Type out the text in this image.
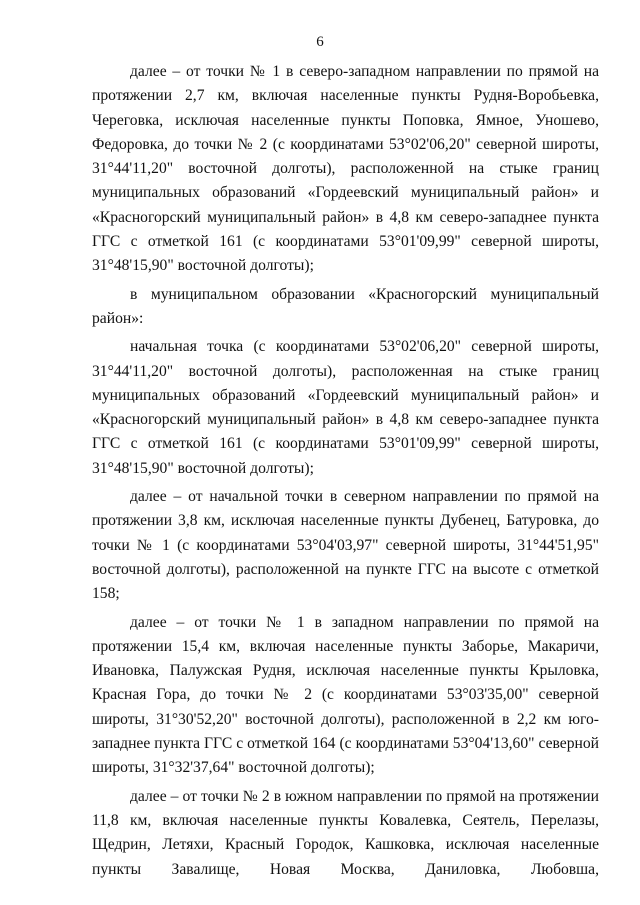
6

далее – от точки № 1 в северо-западном направлении по прямой на протяжении 2,7 км, включая населенные пункты Рудня-Воробьевка, Череговка, исключая населенные пункты Поповка, Ямное, Уношево, Федоровка, до точки № 2 (с координатами 53°02'06,20" северной широты, 31°44'11,20" восточной долготы), расположенной на стыке границ муниципальных образований «Гордеевский муниципальный район» и «Красногорский муниципальный район» в 4,8 км северо-западнее пункта ГГС с отметкой 161 (с координатами 53°01'09,99" северной широты, 31°48'15,90" восточной долготы);

в муниципальном образовании «Красногорский муниципальный район»:

начальная точка (с координатами 53°02'06,20" северной широты, 31°44'11,20" восточной долготы), расположенная на стыке границ муниципальных образований «Гордеевский муниципальный район» и «Красногорский муниципальный район» в 4,8 км северо-западнее пункта ГГС с отметкой 161 (с координатами 53°01'09,99" северной широты, 31°48'15,90" восточной долготы);

далее – от начальной точки в северном направлении по прямой на протяжении 3,8 км, исключая населенные пункты Дубенец, Батуровка, до точки № 1 (с координатами 53°04'03,97" северной широты, 31°44'51,95" восточной долготы), расположенной на пункте ГГС на высоте с отметкой 158;

далее – от точки № 1 в западном направлении по прямой на протяжении 15,4 км, включая населенные пункты Заборье, Макаричи, Ивановка, Палужская Рудня, исключая населенные пункты Крыловка, Красная Гора, до точки № 2 (с координатами 53°03'35,00" северной широты, 31°30'52,20" восточной долготы), расположенной в 2,2 км юго-западнее пункта ГГС с отметкой 164 (с координатами 53°04'13,60" северной широты, 31°32'37,64" восточной долготы);

далее – от точки № 2 в южном направлении по прямой на протяжении 11,8 км, включая населенные пункты Ковалевка, Сеятель, Перелазы, Щедрин, Летяхи, Красный Городок, Кашковка, исключая населенные пункты Завалище, Новая Москва, Даниловка, Любовша,
